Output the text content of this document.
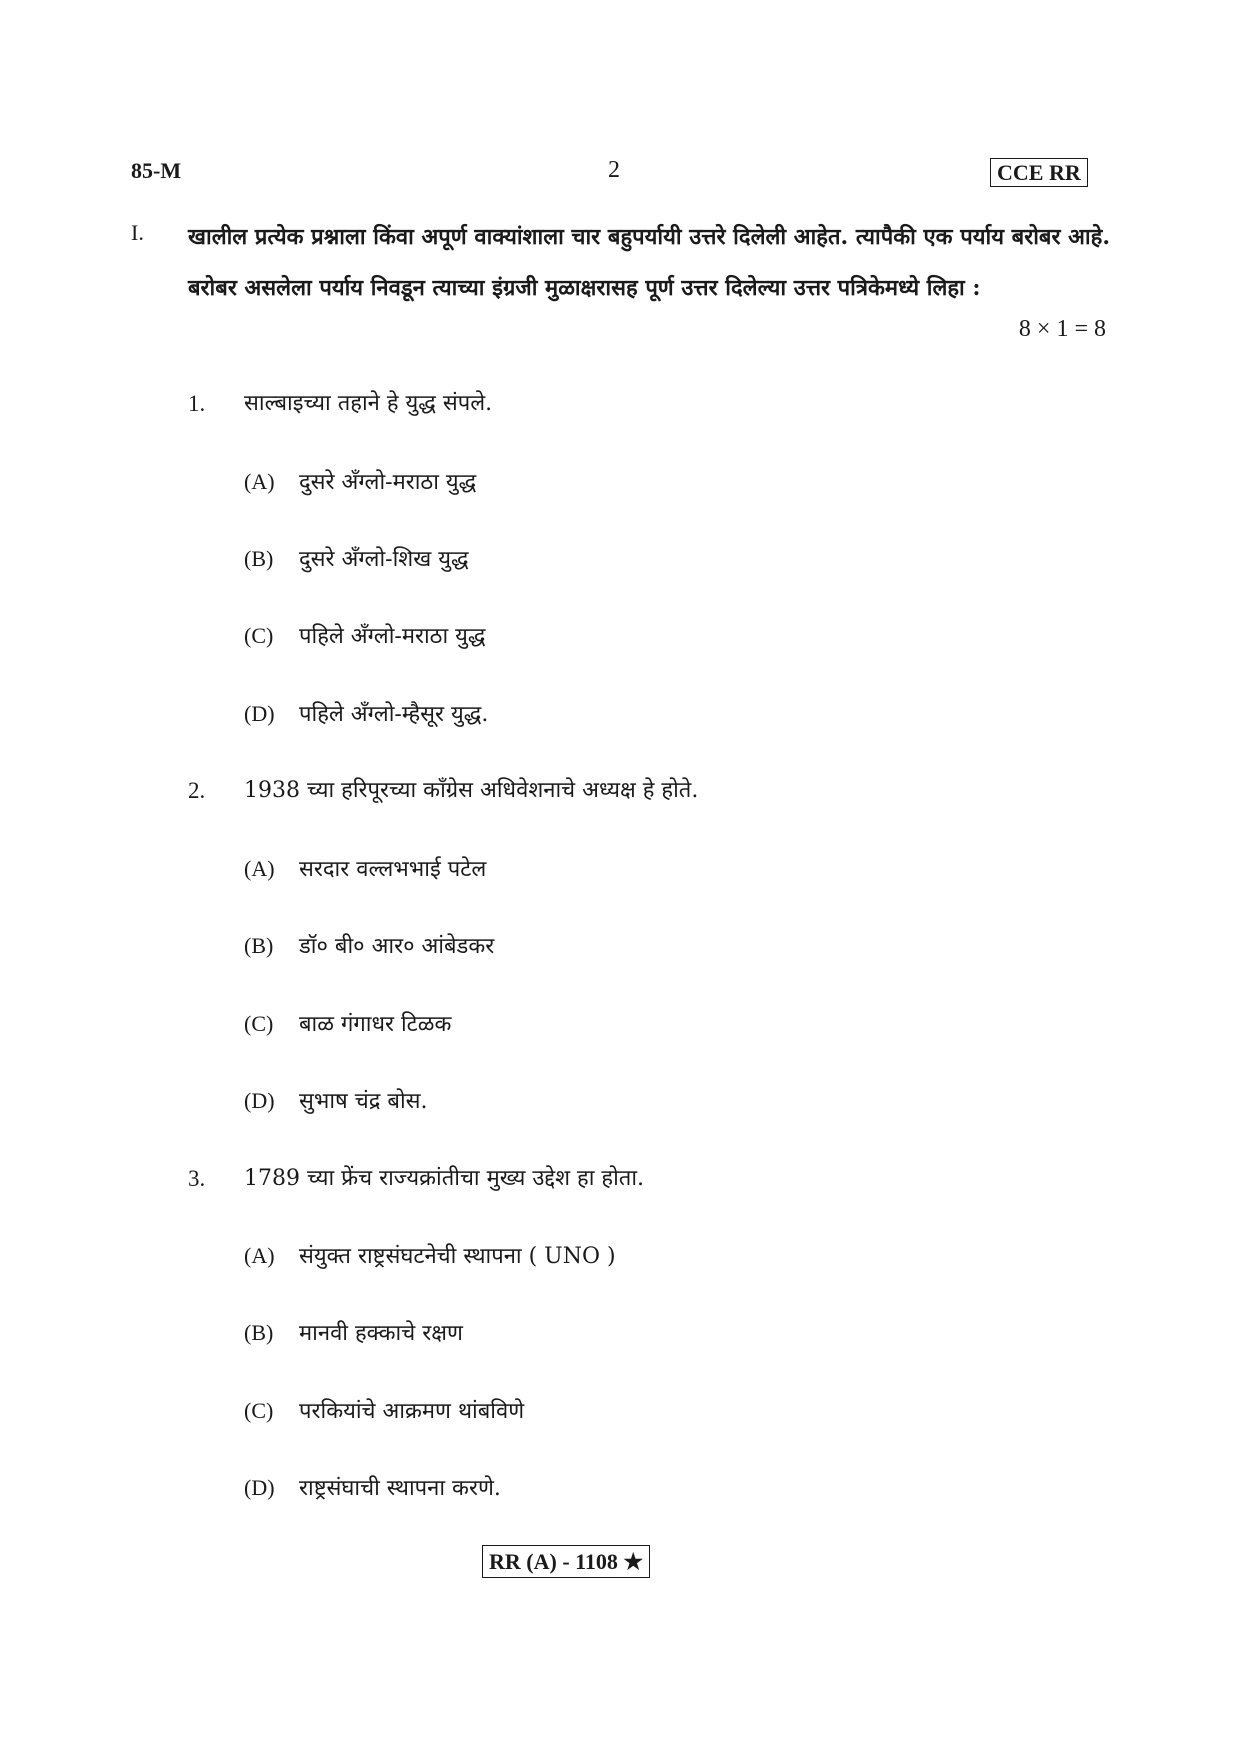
85-M	2	CCE RR
I. खालील प्रत्येक प्रश्नाला किंवा अपूर्ण वाक्यांशाला चार बहुपर्यायी उत्तरे दिलेली आहेत. त्यापैकी एक पर्याय बरोबर आहे. बरोबर असलेला पर्याय निवडून त्याच्या इंग्रजी मुळाक्षरासह पूर्ण उत्तर दिलेल्या उत्तर पत्रिकेमध्ये लिहा :
8 × 1 = 8
1.	साल्बाइच्या तहाने हे युद्ध संपले.
(A) दुसरे अँग्लो-मराठा युद्ध
(B) दुसरे अँग्लो-शिख युद्ध
(C) पहिले अँग्लो-मराठा युद्ध
(D) पहिले अँग्लो-म्हैसूर युद्ध.
2.	1938 च्या हरिपूरच्या काँग्रेस अधिवेशनाचे अध्यक्ष हे होते.
(A) सरदार वल्लभभाई पटेल
(B) डॉ० बी० आर० आंबेडकर
(C) बाळ गंगाधर टिळक
(D) सुभाष चंद्र बोस.
3.	1789 च्या फ्रेंच राज्यक्रांतीचा मुख्य उद्देश हा होता.
(A) संयुक्त राष्ट्रसंघटनेची स्थापना ( UNO )
(B) मानवी हक्काचे रक्षण
(C) परकियांचे आक्रमण थांबविणे
(D) राष्ट्रसंघाची स्थापना करणे.
RR (A) - 1108 ★
